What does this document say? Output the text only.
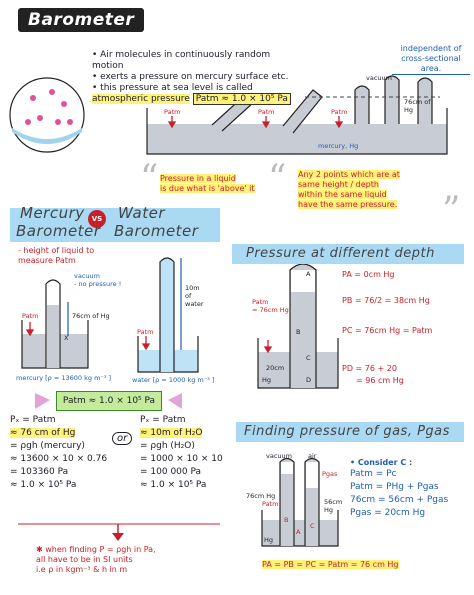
“	“
”
Barometer
• Air molecules in continuously random motion
• exerts a pressure on mercury surface etc.
• this pressure at sea level is called
atmospheric pressure Patm ≈ 1.0 × 10⁵ Pa
independent of cross-sectional area.
vacuum
76cm of Hg
Patm	Patm	Patm
mercury, Hg
Pressure in a liquid
is due what is 'above' it
Any 2 points which are at
same height / depth
within the same liquid
have the same pressure.
Mercury	VS Water
Barometer Barometer
- height of liquid to measure Patm
vacuum
- no pressure !
76cm of Hg
Patm
X
mercury [ρ = 13600 kg m⁻³ ]
10m
of
water
Patm
water [ρ = 1000 kg m⁻³ ]
Patm ≈ 1.0 × 10⁵ Pa
Pₓ = Patm
≈ 76 cm of Hg
= ρgh (mercury)
≈ 13600 × 10 × 0.76
= 103360 Pa
≈ 1.0 × 10⁵ Pa
or
Pₓ = Patm
≈ 10m of H₂O
= ρgh (H₂O)
= 1000 × 10 × 10
= 100 000 Pa
≈ 1.0 × 10⁵ Pa
✱ when finding P = ρgh in Pa,
all have to be in SI units
i.e ρ in kgm⁻³ & h in m
Pressure at different depth
Patm
= 76cm Hg
Hg
20cm
A
B
C
D
PA = 0cm Hg
PB = 76/2 = 38cm Hg
PC = 76cm Hg = Patm
PD = 76 + 20
= 96 cm Hg
Finding pressure of gas, Pgas
vacuum air
76cm Hg
56cm Hg
Patm
Pgas
Hg
A
B
C
• Consider C :
Patm = Pc
Patm = PHg + Pgas
76cm = 56cm + Pgas
Pgas = 20cm Hg
PA = PB = PC = Patm = 76 cm Hg
